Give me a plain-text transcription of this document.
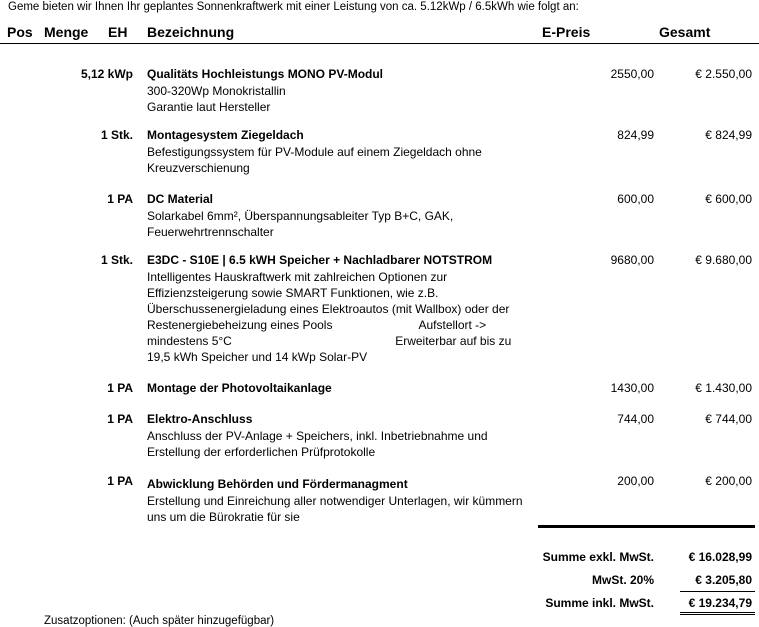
Geme bieten wir Ihnen Ihr geplantes Sonnenkraftwerk mit einer Leistung von ca. 5.12kWp / 6.5kWh wie folgt an:
Pos Menge EH Bezeichnung	E-Preis	Gesamt
5,12 kWp Qualitäts Hochleistungs MONO PV-Modul
300-320Wp Monokristallin
Garantie laut Hersteller
2550,00	€ 2.550,00
1 Stk. Montagesystem Ziegeldach
Befestigungssystem für PV-Module auf einem Ziegeldach ohne
Kreuzverschienung
824,99	€ 824,99
1 PA DC Material
Solarkabel 6mm², Überspannungsableiter Typ B+C, GAK,
Feuerwehrtrennschalter
600,00	€ 600,00
1 Stk. E3DC - S10E | 6.5 kWH Speicher + Nachladbarer NOTSTROM
Intelligentes Hauskraftwerk mit zahlreichen Optionen zur
Effizienzsteigerung sowie SMART Funktionen, wie z.B.
Überschussenergieladung eines Elektroautos (mit Wallbox) oder der
Restenergiebeheizung eines Pools                          Aufstellort ->
mindestens 5°C                                                 Erweiterbar auf bis zu
19,5 kWh Speicher und 14 kWp Solar-PV
9680,00	€ 9.680,00
1 PA Montage der Photovoltaikanlage	1430,00	€ 1.430,00
1 PA Elektro-Anschluss
Anschluss der PV-Anlage + Speichers, inkl. Inbetriebnahme und
Erstellung der erforderlichen Prüfprotokolle
744,00	€ 744,00
1 PA Abwicklung Behörden und Fördermanagment
Erstellung und Einreichung aller notwendiger Unterlagen, wir kümmern
uns um die Bürokratie für sie
200,00	€ 200,00
Summe exkl. MwSt.	€ 16.028,99
MwSt. 20%	€ 3.205,80
Summe inkl. MwSt.	€ 19.234,79
Zusatzoptionen: (Auch später hinzugefügbar)
